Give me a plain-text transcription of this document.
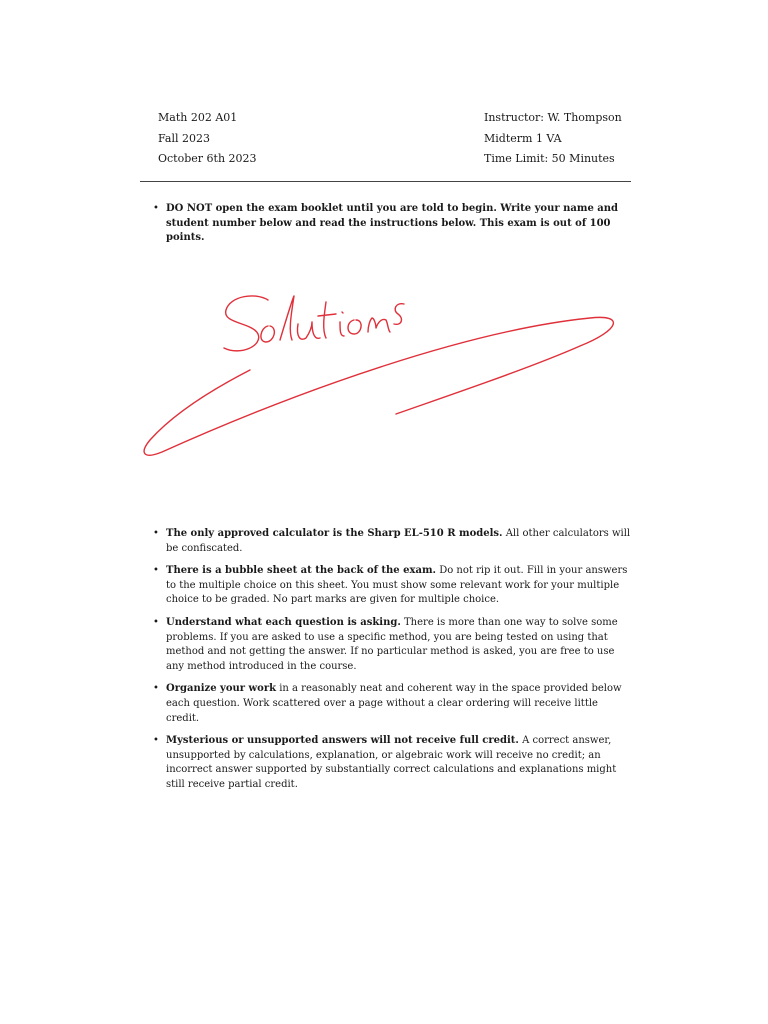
Math 202 A01	Instructor: W. Thompson
Fall 2023	Midterm 1 VA
October 6th 2023	Time Limit: 50 Minutes
• DO NOT open the exam booklet until you are told to begin. Write your name and student number below and read the instructions below. This exam is out of 100 points.
• The only approved calculator is the Sharp EL-510 R models. All other calculators will be confiscated.
• There is a bubble sheet at the back of the exam. Do not rip it out. Fill in your answers to the multiple choice on this sheet. You must show some relevant work for your multiple choice to be graded. No part marks are given for multiple choice.
• Understand what each question is asking. There is more than one way to solve some problems. If you are asked to use a specific method, you are being tested on using that method and not getting the answer. If no particular method is asked, you are free to use any method introduced in the course.
• Organize your work in a reasonably neat and coherent way in the space provided below each question. Work scattered over a page without a clear ordering will receive little credit.
• Mysterious or unsupported answers will not receive full credit. A correct answer, unsupported by calculations, explanation, or algebraic work will receive no credit; an incorrect answer supported by substantially correct calculations and explanations might still receive partial credit.
